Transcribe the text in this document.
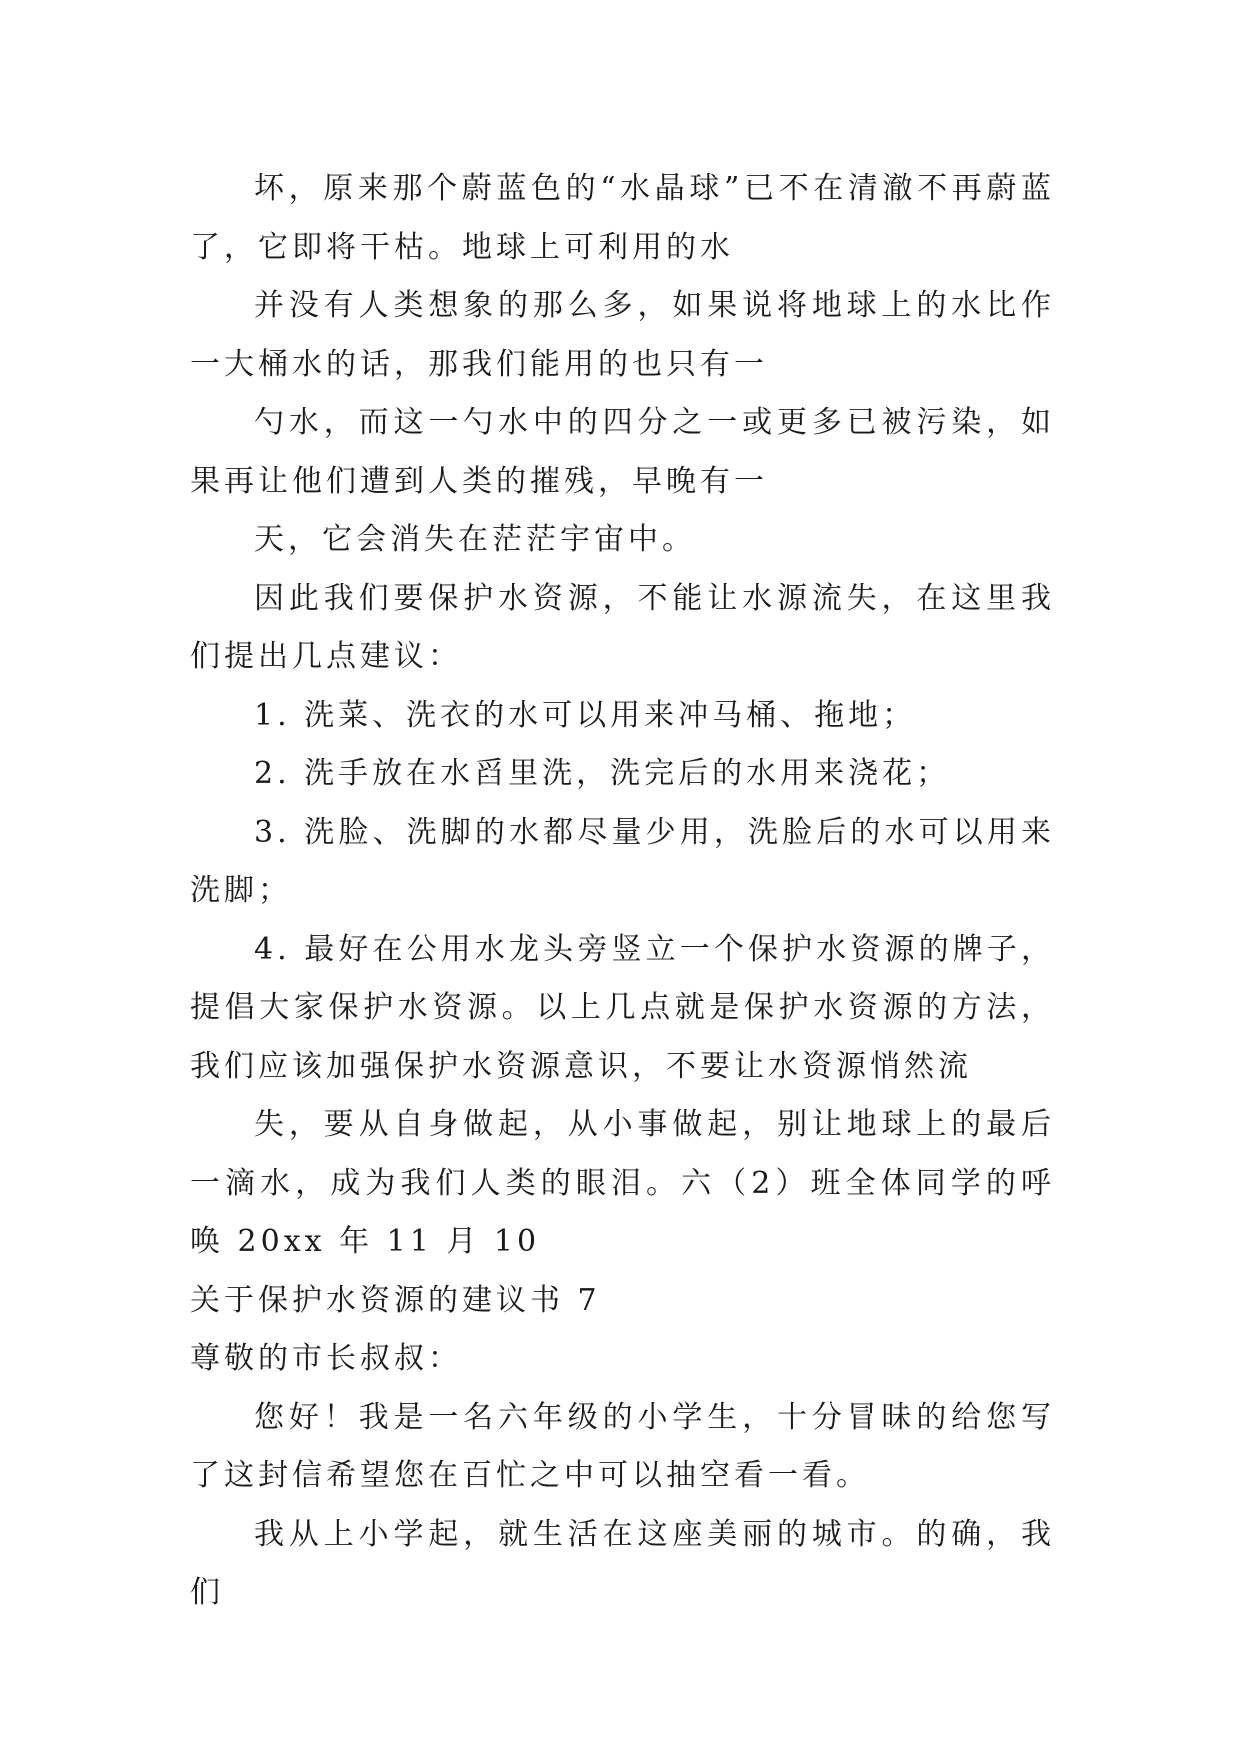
坏，原来那个蔚蓝色的“水晶球”已不在清澈不再蔚蓝了，它即将干枯。地球上可利用的水

并没有人类想象的那么多，如果说将地球上的水比作一大桶水的话，那我们能用的也只有一

勺水，而这一勺水中的四分之一或更多已被污染，如果再让他们遭到人类的摧残，早晚有一

天，它会消失在茫茫宇宙中。

因此我们要保护水资源，不能让水源流失，在这里我们提出几点建议：

1. 洗菜、洗衣的水可以用来冲马桶、拖地；

2. 洗手放在水舀里洗，洗完后的水用来浇花；

3. 洗脸、洗脚的水都尽量少用，洗脸后的水可以用来洗脚；

4. 最好在公用水龙头旁竖立一个保护水资源的牌子，提倡大家保护水资源。以上几点就是保护水资源的方法，我们应该加强保护水资源意识，不要让水资源悄然流

失，要从自身做起，从小事做起，别让地球上的最后一滴水，成为我们人类的眼泪。六（2）班全体同学的呼唤 20xx 年 11 月 10

关于保护水资源的建议书 7

尊敬的市长叔叔：

您好！我是一名六年级的小学生，十分冒昧的给您写了这封信希望您在百忙之中可以抽空看一看。

我从上小学起，就生活在这座美丽的城市。的确，我们
